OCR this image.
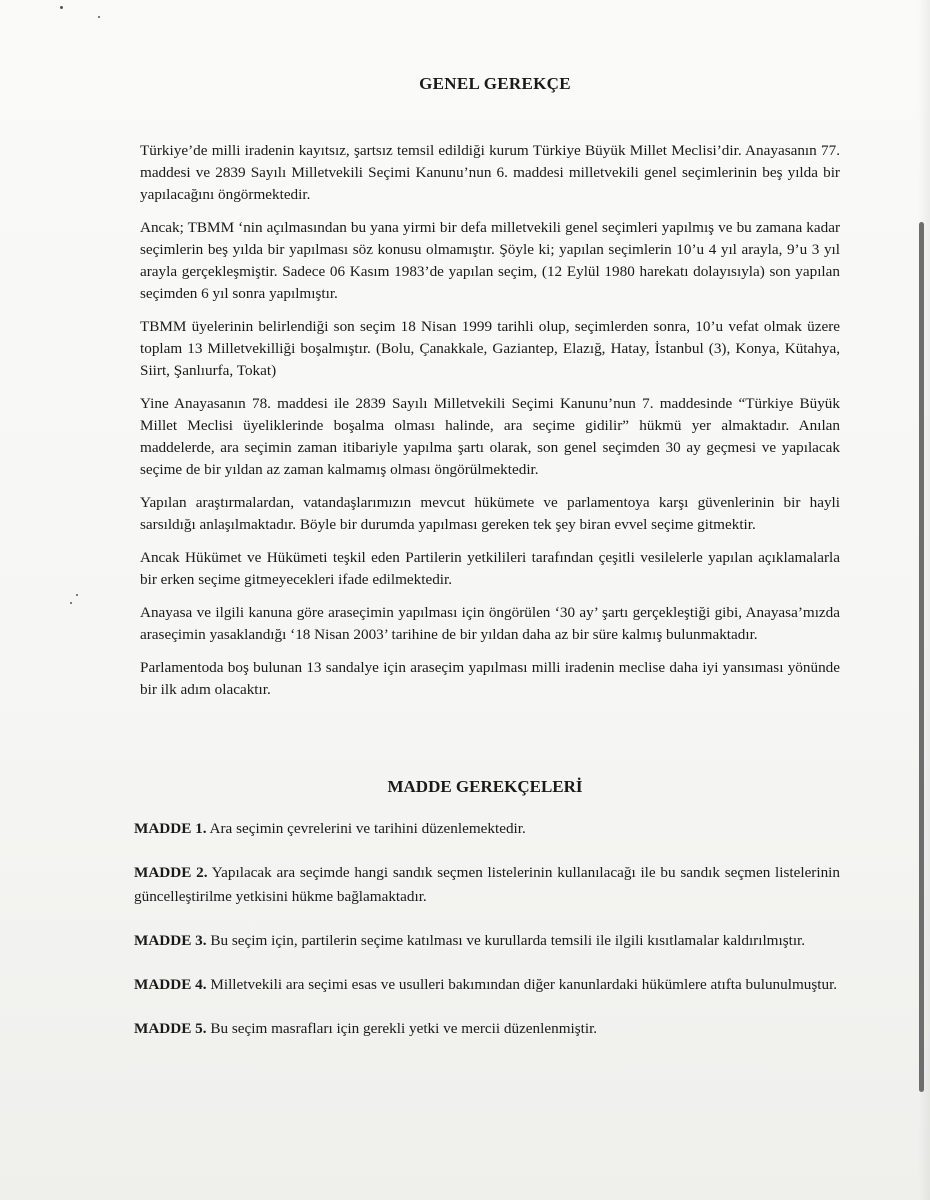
GENEL GEREKÇE

Türkiye’de milli iradenin kayıtsız, şartsız temsil edildiği kurum Türkiye Büyük Millet Meclisi’dir. Anayasanın 77. maddesi ve 2839 Sayılı Milletvekili Seçimi Kanunu’nun 6. maddesi milletvekili genel seçimlerinin beş yılda bir yapılacağını öngörmektedir.

Ancak; TBMM ‘nin açılmasından bu yana yirmi bir defa milletvekili genel seçimleri yapılmış ve bu zamana kadar seçimlerin beş yılda bir yapılması söz konusu olmamıştır. Şöyle ki; yapılan seçimlerin 10’u 4 yıl arayla, 9’u 3 yıl arayla gerçekleşmiştir. Sadece 06 Kasım 1983’de yapılan seçim, (12 Eylül 1980 harekatı dolayısıyla) son yapılan seçimden 6 yıl sonra yapılmıştır.

TBMM üyelerinin belirlendiği son seçim 18 Nisan 1999 tarihli olup, seçimlerden sonra, 10’u vefat olmak üzere toplam 13 Milletvekilliği boşalmıştır. (Bolu, Çanakkale, Gaziantep, Elazığ, Hatay, İstanbul (3), Konya, Kütahya, Siirt, Şanlıurfa, Tokat)

Yine Anayasanın 78. maddesi ile 2839 Sayılı Milletvekili Seçimi Kanunu’nun 7. maddesinde “Türkiye Büyük Millet Meclisi üyeliklerinde boşalma olması halinde, ara seçime gidilir” hükmü yer almaktadır. Anılan maddelerde, ara seçimin zaman itibariyle yapılma şartı olarak, son genel seçimden 30 ay geçmesi ve yapılacak seçime de bir yıldan az zaman kalmamış olması öngörülmektedir.

Yapılan araştırmalardan, vatandaşlarımızın mevcut hükümete ve parlamentoya karşı güvenlerinin bir hayli sarsıldığı anlaşılmaktadır. Böyle bir durumda yapılması gereken tek şey biran evvel seçime gitmektir.

Ancak Hükümet ve Hükümeti teşkil eden Partilerin yetkilileri tarafından çeşitli vesilelerle yapılan açıklamalarla bir erken seçime gitmeyecekleri ifade edilmektedir.

Anayasa ve ilgili kanuna göre araseçimin yapılması için öngörülen ‘30 ay’ şartı gerçekleştiği gibi, Anayasa’mızda araseçimin yasaklandığı ‘18 Nisan 2003’ tarihine de bir yıldan daha az bir süre kalmış bulunmaktadır.

Parlamentoda boş bulunan 13 sandalye için araseçim yapılması milli iradenin meclise daha iyi yansıması yönünde bir ilk adım olacaktır.

MADDE GEREKÇELERİ

MADDE 1. Ara seçimin çevrelerini ve tarihini düzenlemektedir.

MADDE 2. Yapılacak ara seçimde hangi sandık seçmen listelerinin kullanılacağı ile bu sandık seçmen listelerinin güncelleştirilme yetkisini hükme bağlamaktadır.

MADDE 3. Bu seçim için, partilerin seçime katılması ve kurullarda temsili ile ilgili kısıtlamalar kaldırılmıştır.

MADDE 4. Milletvekili ara seçimi esas ve usulleri bakımından diğer kanunlardaki hükümlere atıfta bulunulmuştur.

MADDE 5. Bu seçim masrafları için gerekli yetki ve mercii düzenlenmiştir.
